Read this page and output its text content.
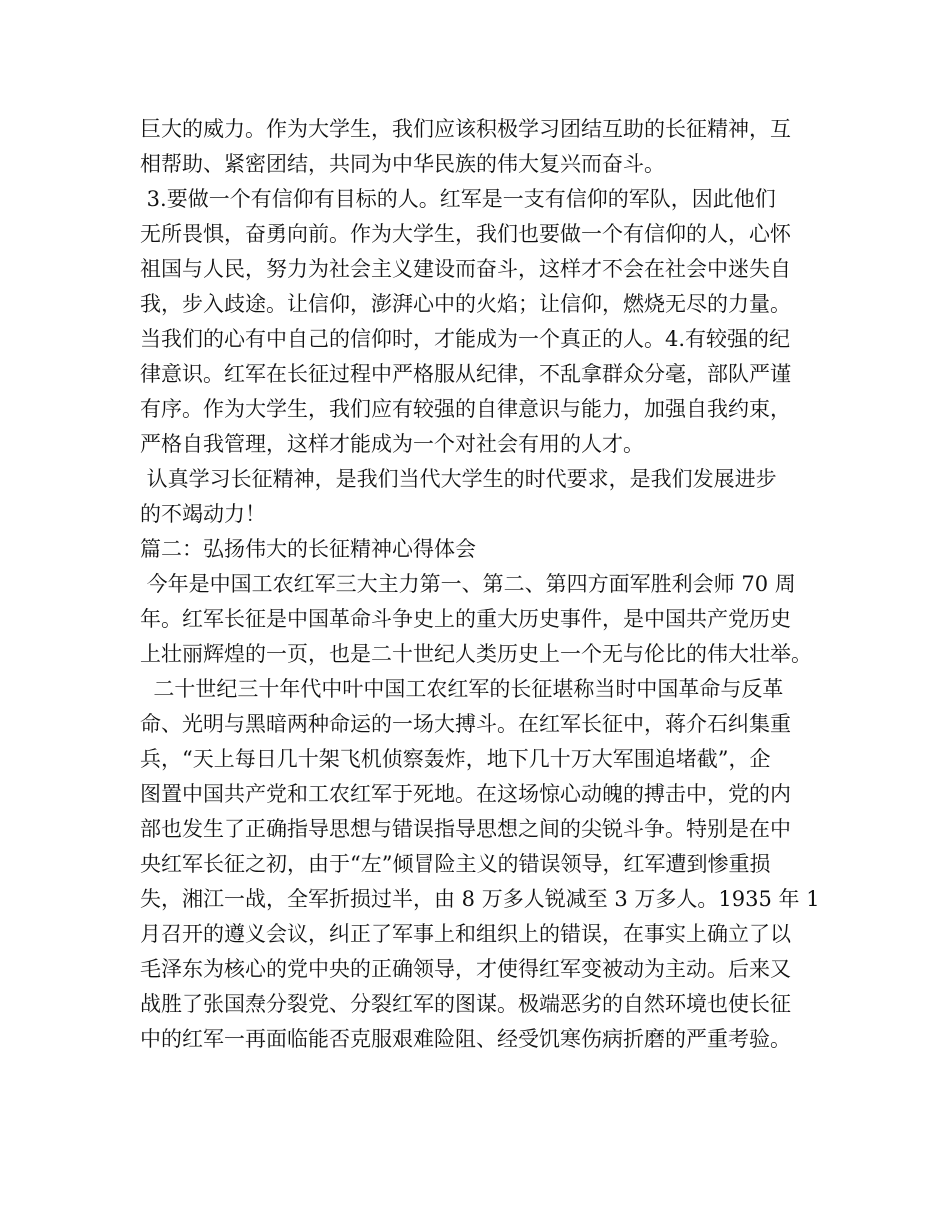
巨大的威力。作为大学生，我们应该积极学习团结互助的长征精神，互
相帮助、紧密团结，共同为中华民族的伟大复兴而奋斗。
3.要做一个有信仰有目标的人。红军是一支有信仰的军队，因此他们
无所畏惧，奋勇向前。作为大学生，我们也要做一个有信仰的人，心怀
祖国与人民，努力为社会主义建设而奋斗，这样才不会在社会中迷失自
我，步入歧途。让信仰，澎湃心中的火焰；让信仰，燃烧无尽的力量。
当我们的心有中自己的信仰时，才能成为一个真正的人。4.有较强的纪
律意识。红军在长征过程中严格服从纪律，不乱拿群众分毫，部队严谨
有序。作为大学生，我们应有较强的自律意识与能力，加强自我约束，
严格自我管理，这样才能成为一个对社会有用的人才。
认真学习长征精神，是我们当代大学生的时代要求，是我们发展进步
的不竭动力！
篇二：弘扬伟大的长征精神心得体会
今年是中国工农红军三大主力第一、第二、第四方面军胜利会师 70 周
年。红军长征是中国革命斗争史上的重大历史事件，是中国共产党历史
上壮丽辉煌的一页，也是二十世纪人类历史上一个无与伦比的伟大壮举。
二十世纪三十年代中叶中国工农红军的长征堪称当时中国革命与反革
命、光明与黑暗两种命运的一场大搏斗。在红军长征中，蒋介石纠集重
兵，“天上每日几十架飞机侦察轰炸，地下几十万大军围追堵截”，企
图置中国共产党和工农红军于死地。在这场惊心动魄的搏击中，党的内
部也发生了正确指导思想与错误指导思想之间的尖锐斗争。特别是在中
央红军长征之初，由于“左”倾冒险主义的错误领导，红军遭到惨重损
失，湘江一战，全军折损过半，由 8 万多人锐减至 3 万多人。1935 年 1
月召开的遵义会议，纠正了军事上和组织上的错误，在事实上确立了以
毛泽东为核心的党中央的正确领导，才使得红军变被动为主动。后来又
战胜了张国焘分裂党、分裂红军的图谋。极端恶劣的自然环境也使长征
中的红军一再面临能否克服艰难险阻、经受饥寒伤病折磨的严重考验。
